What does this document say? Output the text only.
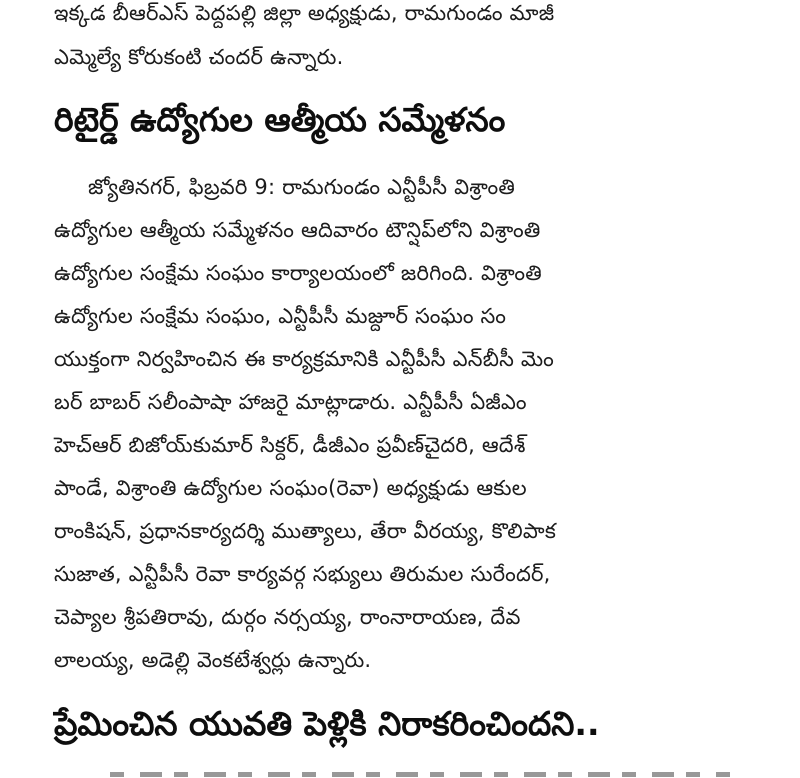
ఇక్కడ బీఆర్ఎస్ పెద్దపల్లి జిల్లా అధ్యక్షుడు, రామగుండం మాజీ
ఎమ్మెల్యే కోరుకంటి చందర్ ఉన్నారు.
రిటైర్డ్ ఉద్యోగుల ఆత్మీయ సమ్మేళనం
జ్యోతినగర్, ఫిబ్రవరి 9: రామగుండం ఎన్టీపీసీ విశ్రాంతి
ఉద్యోగుల ఆత్మీయ సమ్మేళనం ఆదివారం టౌన్షిప్‌లోని విశ్రాంతి
ఉద్యోగుల సంక్షేమ సంఘం కార్యాలయంలో జరిగింది. విశ్రాంతి
ఉద్యోగుల సంక్షేమ సంఘం, ఎన్టీపీసీ మజ్దూర్ సంఘం సం
యుక్తంగా నిర్వహించిన ఈ కార్యక్రమానికి ఎన్టీపీసీ ఎన్‌బీసీ మెం
బర్ బాబర్ సలీంపాషా హాజరై మాట్లాడారు. ఎన్టీపీసీ ఏజీఎం
హెచ్‌ఆర్ బిజోయ్‌కుమార్ సిక్దర్, డీజీఎం ప్రవీణ్‌చైదరి, ఆదేశ్
పాండే, విశ్రాంతి ఉద్యోగుల సంఘం(రెవా) అధ్యక్షుడు ఆకుల
రాంకిషన్, ప్రధానకార్యదర్శి ముత్యాలు, తేరా వీరయ్య, కొలిపాక
సుజాత, ఎన్టీపీసీ రెవా కార్యవర్గ సభ్యులు తిరుమల సురేందర్,
చెప్యాల శ్రీపతిరావు, దుర్గం నర్సయ్య, రాంనారాయణ, దేవ
లాలయ్య, అడెల్లి వెంకటేశ్వర్లు ఉన్నారు.
ప్రేమించిన యువతి పెళ్లికి నిరాకరించిందని..
